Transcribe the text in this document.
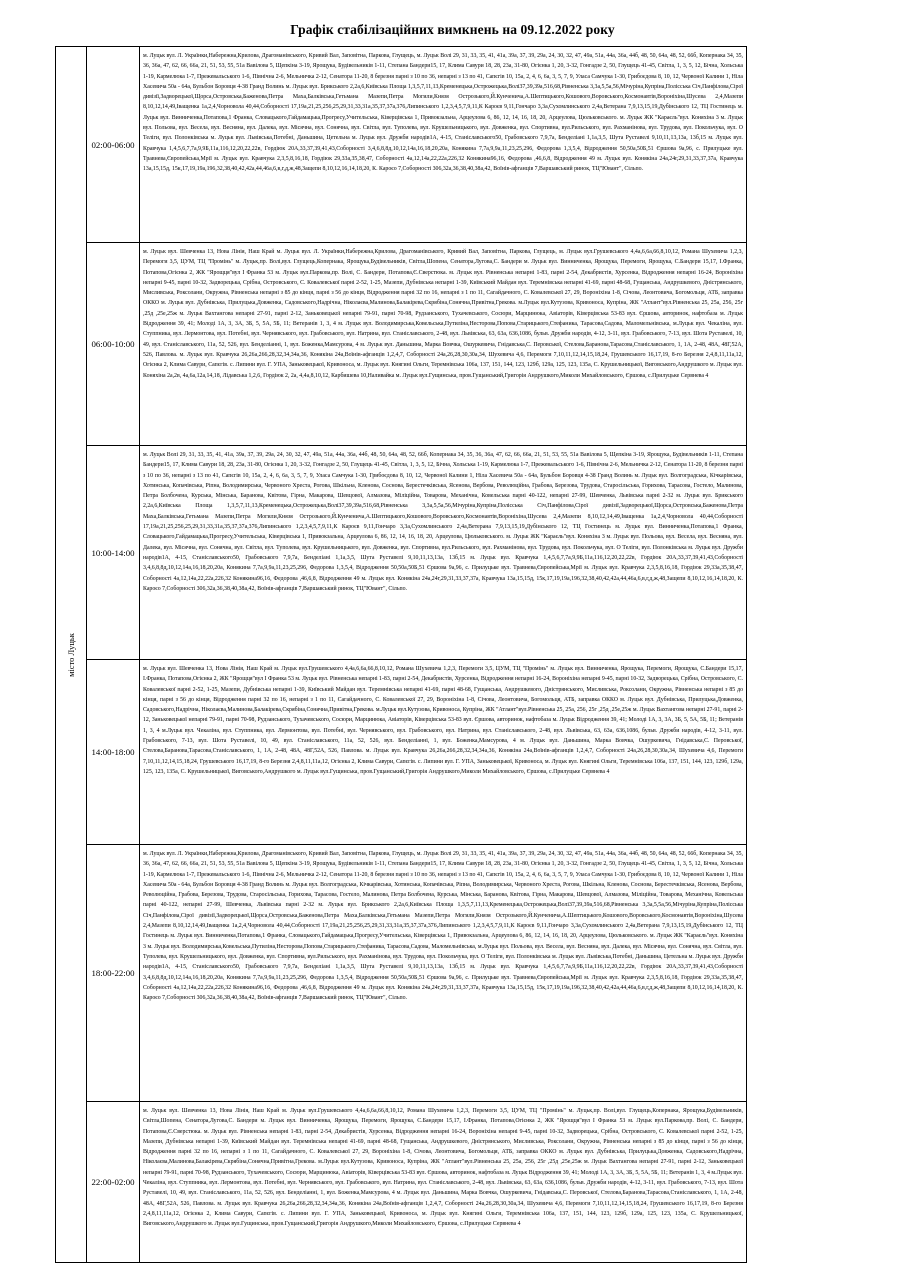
Графік стабілізаційних вимкнень на 09.12.2022 року
місто Луцьк	02:00-06:00	м. Луцьк вул. Л. Українки,Набережна,Крилова, Драгоманівського, Кривий Вал, Заповітна, Паркова, Глущець, м. Луцьк Волі 29, 31, 33, 35, 41, 41а, 39а, 37, 39, 29а, 24, 30, 32, 47, 49а, 51а, 44а, 36а, 44б, 48, 50, 64а, 48, 52, 66б, Копернака 34, 35, 36, 36а, 47, 62, 66, 66а, 21, 51, 53, 55, 51а Вавілова 5, Щепкіна 3-19, Ярощука, Будівельників 1-11, Степана Бандери15, 17, Клима Савури 18, 28, 23а, 31-80, Огієнка 1, 20, 3-32, Гонгадзе 2, 50, Глущець 41-45, Світла, 1, 3, 5, 12, Бічна, Хольська 1-19, Кармелюка 1-7, Прежевальського 1-6, Північна 2-6, Мельничка 2-12, Сенатора 11-20, 8 березня парні з 10 по 36, непарні з 13 по 41, Сапєгів 10, 15а, 2, 4, 6, 6а, 3, 5, 7, 9, Уласа Самчука 1-30, Грибоєдова 8, 10, 12, Червоної Калини 1, Нілa Хасевича 50а - 64а, Бульбон Боровця 4-38 Гранд Волинь м. Луцьк вул. Брикського 2,2а,6,Київська Площа 1,3,5,7,11,13,Кременецька,Острожецька,Волі37,39,39а,516,68,Рівненська 3,3а,5,5а,56,Мічуріна,Купріна,Полісська Січ,Панфілова,Сірої дивізії,Задворецької,Щорса,Островська,Баженова,Петра Маха,Балківська,Гетьмана Мазепи,Петра Могили,Князя Острозького,Й.Кунченича,А.Шептицького,Кошового,Воровського,Космонавтів,Вороніхіна,Шусева 2,4,Мазепи 8,10,12,14,49,Іващенка 1а,2,4,Чорновола 40,44,Соборності 17,19а,21,25,256,25,29,31,33,31а,35,37,37а,376,Липинського 1,2,3,4,5,7,9,11,К Кароєв 9,11,Гончаро 3,3а,Сухомлинського 2,4а,Ветерана 7,9,13,15,19,Дубінського 12, ТЦ Гостинець м. Луцьк вул. Винниченка,Потапова,1 Франка, Словацького,Гайдамацька,Прогресу,Учительська, Ківерцівська 1, Привокзальна, Арцеулова 6, 86, 12, 14, 16, 18, 20, Арцеулова, Цюльковського. м. Луцьк ЖК "Караєль"вул. Коняхіна 3 м. Луцьк вул. Польова, вул. Весела, вул. Весняна, вул. Далека, вул. Місячна, вул. Сонячна, вул. Світла, вул. Туполева, вул. Крушельницького, вул. Довженка, вул. Спортивна, вул.Рильського, вул. Рахманінова, вул. Трудова, вул. Покольчука, вул. О Теліги, вул. Полонківська м. Луцьк вул. Львівська,Потебні, Даньшина, Цетельна м. Луцьк вул. Дружби народів1А, 4-15, Станіславського50, Грабовського 7,9,7а, Бенделіані 1,1а,3,5, Шута Руставелі 9,10,11,13,13а, 13б,15 м. Луцьк вул. Кравчука 1,4,5,6,7,7а,9,9Б,11а,116,12,20,22,22в, Гордіюк 20А,33,37,39,41,43,Соборності 3,4,6,8,8д,10,12,14а,16,18,20,20а, Конякина 7,7а,9,9а,11,23,25,296, Федорова 1,3,5,4, Відродження 50,50а,50Б,51 Єршова 9а,96, с. Прилуцьке вул. Травнева,Європейська,Мрії м. Луцьк вул. Кравчука 2,3,5,8,16,18, Гордіюк 29,33а,35,38,47, Соборності 4а,12,14а,22,22а,226,32 Конякина96,16, Федорова ,46,6,8, Відродження 49 м. Луцьк вул. Конякіна 24а,24г,29,31,33,37,37а, Кравчука 13а,15,15д, 15к,17,19,19а,196,32,38,40,42,42а,44,46а,6,в,г,д,ж,48,Защепи 8,10,12,16,14,18,20, К. Кароєо 7,Соборності 306,32а,36,38,40,38а,42, Воїнів-афганців 7,Варшавський ринок, ТЦ"Ювант", Сільпо.

	06:00-10:00	м. Луцьк вул. Шевченка 13, Нова Лінія, Наш Край м. Луцьк вул. Л. Українки,Набережна,Крилова, Драгоманівського, Кривий Вал, Заповітна, Паркова, Глущець, м. Луцьк вул.Грушевського 4,4а,6,6а,66,8,10,12, Романа Шухевича 1,2,3, Перемоги 3,5, ЦУМ, ТЦ "Промінь" м. Луцьк,пр. Волі,вул. Глущець,Копернака, Ярощука,Будівельників, Світла,Шопена, Сенатора,Лугова,С. Бандери м. Луцьк вул. Винниченка, Ярощука, Перемоги, Ярощука, С.Бандери 15,17, І.Франка, Потапова,Огієнка 2, ЖК "Ярощця"вул І Франка 53 м. Луцьк вул.Паркова,пр. Волі, С. Бандери, Потапова,Є.Сверстюка. м. Луцьк вул. Рівненська непарні 1-83, парні 2-54, Декабристів, Хурсенка, Відродження непарні 16-24, Вороніхіна непарні 9-45, парні 10-32, Задворецька, Срібна, Островського, С. Ковалевської парні 2-52, 1-25, Мазепи, Дубнівська непарні 1-39, Київський Майдан вул. Теремнівська непарні 41-69, парні 48-68, Гущанська, Андрушкевого, Дністрянського, Мисливська, Роксолани, Окружна, Рівненська непарні з 85 до кінця, парні з 56 до кінця, Відродження парні 32 по 16, непарні з 1 по 11, Сагайдачного, С. Ковалевської 27, 29, Вороніхіна 1-8, Січова, Леонтовича, Богомольця, АТБ, заправка ОККО м. Луцьк вул. Дубнівська, Прилуцька,Довженка, Садовського,Надрічна, Ніколаєва,Малинова,Балакірева,Скрябіна,Сонячна,Привітна,Грекова. м.Луцьк вул.Кутузова, Кривоноса, Купріна, ЖК "Атлант"вул.Рівненська 25, 25а, 256, 25г ,25д ,25е,25ж м. Луцьк Вахтангова непарні 27-91, парні 2-12, Заньковецької непарні 79-91, парні 70-98, Рудзанського, Тухачевського, Сосюри, Марцинюка, Авіаторів, Ківерцівська 53-83 вул. Єршова, авторинок, нафтобаза м. Луцьк Відродження 39, 41; Молоді 1А, 3, 3А, 3Б, 5, 5А, 5Б, 11; Ветеранів 1, 3, 4 м. Луцьк вул. Володимирська,Ковельська,Путиліна,Несторова,Попова,Старицького,Стефаника, Тарасова,Садова, Маломельнівська, м.Луцьк вул. Чекаліна, вул. Ступпника, вул. Лермонтова, вул. Потебні, вул. Чернявського, вул. Грабовського, вул. Натрина, вул. Станіславського, 2-48, вул. Львівська, 63, 63а, 636,1086, бульв. Дружби народів, 4-12, 3-11, вул. Грабовського, 7-13, вул. Шота Руставелі, 10, 49, вул. Станіславського, 11а, 52, 526, вул. Бенделіанні, 1, вул. Боженка,Мамсурова, 4 м. Луцьк вул. Даньшина, Марка Вовчка, Ошуркевича, Гнідавська,С. Перовської, Стелова,Баранова,Тарасова,Станіславського, 1, 1А, 2-48, 48А, 48Г,52А, 526, Павлова. м. Луцьк вул. Кравчука 26,26а,266,28,32,34,34а,36, Конякіна 24а,Воїнів-афганців 1,2,4,7, Соборності 24а,26,28,30,30а,34, Шухевича 4,6, Перемоги 7,10,11,12,14,15,18,24, Грушевського 16,17,19, 8-го Березня 2,4,8,11,11а,12, Огієнка 2, Клима Савури, Сапєгів. с. Липини вул. Г. УПА, Заньковецької, Кривоноса, м. Луцьк вул. Княгині Ольги, Теремнівська 106а, 137, 151, 144, 123, 129б, 129а, 125, 123, 135а, С. Крушельницької, Виговського,Андрушкого м. Луцьк вул. Коняхіна 2а,2в, 4а,6а,12а,14,18, Лідавська 1,2,6, Гордіюк 2, 2а, 4,4а,8,10,12, Карбишева 10,Наливайка м. Луцьк вул.Гущинська, пров.Гущанський,Григорія Андрушкого,Миколи Михайловського, Єршова, с.Прилуцьке Сервнева 4

	10:00-14:00	м. Луцьк Волі 29, 31, 33, 35, 41, 41а, 39а, 37, 39, 29а, 24, 30, 32, 47, 49а, 51а, 44а, 36а, 44б, 48, 50, 64а, 48, 52, 66б, Копернака 34, 35, 36, 36а, 47, 62, 66, 66а, 21, 51, 53, 55, 51а Вавілова 5, Щепкіна 3-19, Ярощука, Будівельників 1-11, Степана Бандери15, 17, Клима Савури 18, 28, 23а, 31-80, Огієнка 1, 20, 3-32, Гонгадзе 2, 50, Глущець 41-45, Світла, 1, 3, 5, 12, Бічна, Хольська 1-19, Кармелюка 1-7, Прежевальського 1-6, Північна 2-6, Мельничка 2-12, Сенатора 11-20, 8 березня парні з 10 по 36, непарні з 13 по 41, Сапєгів 10, 15а, 2, 4, 6, 6а, 3, 5, 7, 9, Уласа Самчука 1-30, Грибоєдова 8, 10, 12, Червоної Калини 1, Нілa Хасевича 50а - 64а, Бульбон Боровця 4-38 Гранд Волинь м. Луцьк вул. Волгоградська, Кічкарівська, Хотинська, Копачівська, Ріпна, Володимирська, Червоного Хреста, Рогова, Шкільна, Кленова, Соснова, Берестечківська, Ясенова, Вербова, Революційна, Грабова, Березова, Трудова, Старосільська, Горихова, Тарасова, Гостело, Малинова, Петра Болбочена, Курська, Мінська, Баранова, Квітова, Гірна, Макарова, Шевцової, Алмазова, Міліційна, Товарова, Механічна, Ковельська парні 40-122, непарні 27-99, Шевченка, Львівська парні 2-32 м. Луцьк вул. Брикського 2,2а,6,Київська Площа 1,3,5,7,11,13,Кременецька,Острожецька,Волі37,39,39а,516,68,Рівненська 3,3а,5,5а,56,Мічуріна,Купріна,Полісська Січ,Панфілова,Сірої дивізії,Задворецької,Щорса,Островська,Баженова,Петра Маха,Балківська,Гетьмана Мазепи,Петра Могили,Князя Острозького,Й.Кунченича,А.Шептицького,Кошового,Воровського,Космонавтів,Вороніхіна,Шусева 2,4,Мазепи 8,10,12,14,49,Іващенка 1а,2,4,Чорновола 40,44,Соборності 17,19а,21,25,256,25,29,31,33,31а,35,37,37а,376,Липинського 1,2,3,4,5,7,9,11,К Кароєв 9,11,Гончаро 3,3а,Сухомлинського 2,4а,Ветерана 7,9,13,15,19,Дубінського 12, ТЦ Гостинець м. Луцьк вул. Винниченка,Потапова,1 Франка, Словацького,Гайдамацька,Прогресу,Учительська, Ківерцівська 1, Привокзальна, Арцеулова 6, 86, 12, 14, 16, 18, 20, Арцеулова, Цюльковського. м. Луцьк ЖК "Караєль"вул. Коняхіна 3 м. Луцьк вул. Польова, вул. Весела, вул. Весняна, вул. Далека, вул. Місячна, вул. Сонячна, вул. Світла, вул. Туполева, вул. Крушельницького, вул. Довженка, вул. Спортивна, вул.Рильського, вул. Рахманінова, вул. Трудова, вул. Покольчука, вул. О Теліги, вул. Полонківська м. Луцьк вул. Дружби народів1А, 4-15, Станіславського50, Грабовського 7,9,7а, Бенделіані 1,1а,3,5, Шута Руставелі 9,10,11,13,13а, 13б,15 м. Луцьк вул. Кравчука 1,4,5,6,7,7а,9,9Б,11а,116,12,20,22,22в, Гордіюк 20А,33,37,39,41,43,Соборності 3,4,6,8,8д,10,12,14а,16,18,20,20а, Конякина 7,7а,9,9а,11,23,25,296, Федорова 1,3,5,4, Відродження 50,50а,50Б,51 Єршова 9а,96, с. Прилуцьке вул. Травнева,Європейська,Мрії м. Луцьк вул. Кравчука 2,3,5,8,16,18, Гордіюк 29,33а,35,38,47, Соборності 4а,12,14а,22,22а,226,32 Конякина96,16, Федорова ,46,6,8, Відродження 49 м. Луцьк вул. Конякіна 24а,24г,29,31,33,37,37а, Кравчука 13а,15,15д, 15к,17,19,19а,196,32,38,40,42,42а,44,46а,6,в,г,д,ж,48,Защепи 8,10,12,16,14,18,20, К. Кароєо 7,Соборності 306,32а,36,38,40,38а,42, Воїнів-афганців 7,Варшавський ринок, ТЦ"Ювант", Сільпо.

	14:00-18:00	м. Луцьк вул. Шевченка 13, Нова Лінія, Наш Край м. Луцьк вул.Грушевського 4,4а,6,6а,66,8,10,12, Романа Шухевича 1,2,3, Перемоги 3,5, ЦУМ, ТЦ "Промінь" м. Луцьк вул. Винниченка, Ярощука, Перемоги, Ярощука, С.Бандери 15,17, І.Франка, Потапова,Огієнка 2, ЖК "Ярощця"вул І Франка 53 м. Луцьк вул. Рівненська непарні 1-83, парні 2-54, Декабристів, Хурсенка, Відродження непарні 16-24, Вороніхіна непарні 9-45, парні 10-32, Задворецька, Срібна, Островського, С. Ковалевської парні 2-52, 1-25, Мазепи, Дубнівська непарні 1-39, Київський Майдан вул. Теремнівська непарні 41-69, парні 48-68, Гущанська, Андрушкевого, Дністрянського, Мисливська, Роксолани, Окружна, Рівненська непарні з 85 до кінця, парні з 56 до кінця, Відродження парні 32 по 16, непарні з 1 по 11, Сагайдачного, С. Ковалевської 27, 29, Вороніхіна 1-8, Січова, Леонтовича, Богомольця, АТБ, заправка ОККО м. Луцьк вул. Дубнівська, Прилуцька,Довженка, Садовського,Надрічна, Ніколаєва,Малинова,Балакірева,Скрябіна,Сонячна,Привітна,Грекова. м.Луцьк вул.Кутузова, Кривоноса, Купріна, ЖК "Атлант"вул.Рівненська 25, 25а, 256, 25г ,25д ,25е,25ж м. Луцьк Вахтангова непарні 27-91, парні 2-12, Заньковецької непарні 79-91, парні 70-98, Рудзанського, Тухачевського, Сосюри, Марцинюка, Авіаторів, Ківерцівська 53-83 вул. Єршова, авторинок, нафтобаза м. Луцьк Відродження 39, 41; Молоді 1А, 3, 3А, 3Б, 5, 5А, 5Б, 11; Ветеранів 1, 3, 4 м.Луцьк вул. Чекаліна, вул. Ступпника, вул. Лермонтова, вул. Потебні, вул. Чернявського, вул. Грабовського, вул. Натрина, вул. Станіславського, 2-48, вул. Львівська, 63, 63а, 636,1086, бульв. Дружби народів, 4-12, 3-11, вул. Грабовського, 7-13, вул. Шота Руставелі, 10, 49, вул. Станіславського, 11а, 52, 526, вул. Бенделіанні, 1, вул. Боженка,Мамсурова, 4 м. Луцьк вул. Даньшина, Марка Вовчка, Ошуркевича, Гнідавська,С. Перовської, Стелова,Баранова,Тарасова,Станіславського, 1, 1А, 2-48, 48А, 48Г,52А, 526, Павлова. м. Луцьк вул. Кравчука 26,26а,266,28,32,34,34а,36, Конякіна 24а,Воїнів-афганців 1,2,4,7, Соборності 24а,26,28,30,30а,34, Шухевича 4,6, Перемоги 7,10,11,12,14,15,18,24, Грушевського 16,17,19, 8-го Березня 2,4,8,11,11а,12, Огієнка 2, Клима Савури, Сапєгів. с. Липини вул. Г. УПА, Заньковецької, Кривоноса, м. Луцьк вул. Княгині Ольги, Теремнівська 106а, 137, 151, 144, 123, 129б, 129а, 125, 123, 135а, С. Крушельницької, Виговського,Андрушкого м. Луцьк вул.Гущинська, пров.Гущанський,Григорія Андрушкого,Миколи Михайловського, Єршова, с.Прилуцьке Сервнева 4

	18:00-22:00	м. Луцьк вул. Л. Українки,Набережна,Крилова, Драгоманівського, Кривий Вал, Заповітна, Паркова, Глущець, м. Луцьк Волі 29, 31, 33, 35, 41, 41а, 39а, 37, 39, 29а, 24, 30, 32, 47, 49а, 51а, 44а, 36а, 44б, 48, 50, 64а, 48, 52, 66б, Копернака 34, 35, 36, 36а, 47, 62, 66, 66а, 21, 51, 53, 55, 51а Вавілова 5, Щепкіна 3-19, Ярощука, Будівельників 1-11, Степана Бандери15, 17, Клима Савури 18, 28, 23а, 31-80, Огієнка 1, 20, 3-32, Гонгадзе 2, 50, Глущець 41-45, Світла, 1, 3, 5, 12, Бічна, Хольська 1-19, Кармелюка 1-7, Прежевальського 1-6, Північна 2-6, Мельничка 2-12, Сенатора 11-20, 8 березня парні з 10 по 36, непарні з 13 по 41, Сапєгів 10, 15а, 2, 4, 6, 6а, 3, 5, 7, 9, Уласа Самчука 1-30, Грибоєдова 8, 10, 12, Червоної Калини 1, Нілa Хасевича 50а - 64а, Бульбон Боровця 4-38 Гранд Волинь м. Луцьк вул. Волгоградська, Кічкарівська, Хотинська, Копачівська, Ріпна, Володимирська, Червоного Хреста, Рогова, Шкільна, Кленова, Соснова, Берестечківська, Ясенова, Вербова, Революційна, Грабова, Березова, Трудова, Старосільська, Горихова, Тарасова, Гостело, Малинова, Петра Болбочена, Курська, Мінська, Баранова, Квітова, Гірна, Макарова, Шевцової, Алмазова, Міліційна, Товарова, Механічна, Ковельська парні 40-122, непарні 27-99, Шевченка, Львівська парні 2-32 м. Луцьк вул. Брикського 2,2а,6,Київська Площа 1,3,5,7,11,13,Кременецька,Острожецька,Волі37,39,39а,516,68,Рівненська 3,3а,5,5а,56,Мічуріна,Купріна,Полісська Січ,Панфілова,Сірої дивізії,Задворецької,Щорса,Островська,Баженова,Петра Маха,Балківська,Гетьмана Мазепи,Петра Могили,Князя Острозького,Й.Кунченича,А.Шептицького,Кошового,Воровського,Космонавтів,Вороніхіна,Шусева 2,4,Мазепи 8,10,12,14,49,Іващенка 1а,2,4,Чорновола 40,44,Соборності 17,19а,21,25,256,25,29,31,33,31а,35,37,37а,376,Липинського 1,2,3,4,5,7,9,11,К Кароєв 9,11,Гончаро 3,3а,Сухомлинського 2,4а,Ветерана 7,9,13,15,19,Дубінського 12, ТЦ Гостинець м. Луцьк вул. Винниченка,Потапова,1 Франка, Словацького,Гайдамацька,Прогресу,Учительська, Ківерцівська 1, Привокзальна, Арцеулова 6, 86, 12, 14, 16, 18, 20, Арцеулова, Цюльковського. м. Луцьк ЖК "Караєль"вул. Коняхіна 3 м. Луцьк вул. Володимирська,Ковельська,Путиліна,Несторова,Попова,Старицького,Стефаника, Тарасова,Садова, Маломельнівська, м.Луцьк вул. Польова, вул. Весела, вул. Весняна, вул. Далека, вул. Місячна, вул. Сонячна, вул. Світла, вул. Туполева, вул. Крушельницького, вул. Довженка, вул. Спортивна, вул.Рильського, вул. Рахманінова, вул. Трудова, вул. Покольчука, вул. О Теліги, вул. Полонківська м. Луцьк вул. Львівська,Потебні, Даньшина, Цетельна м. Луцьк вул. Дружби народів1А, 4-15, Станіславського50, Грабовського 7,9,7а, Бенделіані 1,1а,3,5, Шута Руставелі 9,10,11,13,13а, 13б,15 м. Луцьк вул. Кравчука 1,4,5,6,7,7а,9,9Б,11а,116,12,20,22,22в, Гордіюк 20А,33,37,39,41,43,Соборності 3,4,6,8,8д,10,12,14а,16,18,20,20а, Конякина 7,7а,9,9а,11,23,25,296, Федорова 1,3,5,4, Відродження 50,50а,50Б,51 Єршова 9а,96, с. Прилуцьке вул. Травнева,Європейська,Мрії м. Луцьк вул. Кравчука 2,3,5,8,16,18, Гордіюк 29,33а,35,38,47, Соборності 4а,12,14а,22,22а,226,32 Конякина96,16, Федорова ,46,6,8, Відродження 49 м. Луцьк вул. Конякіна 24а,24г,29,31,33,37,37а, Кравчука 13а,15,15д, 15к,17,19,19а,196,32,38,40,42,42а,44,46а,6,в,г,д,ж,48,Защепи 8,10,12,16,14,18,20, К. Кароєо 7,Соборності 306,32а,36,38,40,38а,42, Воїнів-афганців 7,Варшавський ринок, ТЦ"Ювант", Сільпо.

	22:00-02:00	м. Луцьк вул. Шевченка 13, Нова Лінія, Наш Край м. Луцьк вул.Грушевського 4,4а,6,6а,66,8,10,12, Романа Шухевича 1,2,3, Перемоги 3,5, ЦУМ, ТЦ "Промінь" м. Луцьк,пр. Волі,вул. Глущець,Копернака, Ярощука,Будівельників, Світла,Шопена, Сенатора,Лугова,С. Бандери м. Луцьк вул. Винниченка, Ярощука, Перемоги, Ярощука, С.Бандери 15,17, І.Франка, Потапова,Огієнка 2, ЖК "Ярощця"вул І Франка 53 м. Луцьк вул.Паркова,пр. Волі, С. Бандери, Потапова,Є.Сверстюка. м. Луцьк вул. Рівненська непарні 1-83, парні 2-54, Декабристів, Хурсенка, Відродження непарні 16-24, Вороніхіна непарні 9-45, парні 10-32, Задворецька, Срібна, Островського, С. Ковалевської парні 2-52, 1-25, Мазепи, Дубнівська непарні 1-39, Київський Майдан вул. Теремнівська непарні 41-69, парні 48-68, Гущанська, Андрушкевого, Дністрянського, Мисливська, Роксолани, Окружна, Рівненська непарні з 85 до кінця, парні з 56 до кінця, Відродження парні 32 по 16, непарні з 1 по 11, Сагайдачного, С. Ковалевської 27, 29, Вороніхіна 1-8, Січова, Леонтовича, Богомольця, АТБ, заправка ОККО м. Луцьк вул. Дубнівська, Прилуцька,Довженка, Садовського,Надрічна, Ніколаєва,Малинова,Балакірева,Скрябіна,Сонячна,Привітна,Грекова. м.Луцьк вул.Кутузова, Кривоноса, Купріна, ЖК "Атлант"вул.Рівненська 25, 25а, 256, 25г ,25д ,25е,25ж м. Луцьк Вахтангова непарні 27-91, парні 2-12, Заньковецької непарні 79-91, парні 70-98, Рудзанського, Тухачевського, Сосюри, Марцинюка, Авіаторів, Ківерцівська 53-83 вул. Єршова, авторинок, нафтобаза м. Луцьк Відродження 39, 41; Молоді 1А, 3, 3А, 3Б, 5, 5А, 5Б, 11; Ветеранів 1, 3, 4 м.Луцьк вул. Чекаліна, вул. Ступпника, вул. Лермонтова, вул. Потебні, вул. Чернявського, вул. Грабовського, вул. Натрина, вул. Станіславського, 2-48, вул. Львівська, 63, 63а, 636,1086, бульв. Дружби народів, 4-12, 3-11, вул. Грабовського, 7-13, вул. Шота Руставелі, 10, 49, вул. Станіславського, 11а, 52, 526, вул. Бенделіанні, 1, вул. Боженка,Мамсурова, 4 м. Луцьк вул. Даньшина, Марка Вовчка, Ошуркевича, Гнідавська,С. Перовської, Стелова,Баранова,Тарасова,Станіславського, 1, 1А, 2-48, 48А, 48Г,52А, 526, Павлова. м. Луцьк вул. Кравчука 26,26а,266,28,32,34,34а,36, Конякіна 24а,Воїнів-афганців 1,2,4,7, Соборності 24а,26,28,30,30а,34, Шухевича 4,6, Перемоги 7,10,11,12,14,15,18,24, Грушевського 16,17,19, 8-го Березня 2,4,8,11,11а,12, Огієнка 2, Клима Савури, Сапєгів. с. Липини вул. Г. УПА, Заньковецької, Кривоноса, м. Луцьк вул. Княгині Ольги, Теремнівська 106а, 137, 151, 144, 123, 129б, 129а, 125, 123, 135а, С. Крушельницької, Виговського,Андрушкого м. Луцьк вул.Гущинська, пров.Гущанський,Григорія Андрушкого,Миколи Михайловського, Єршова, с.Прилуцьке Сервнева 4
